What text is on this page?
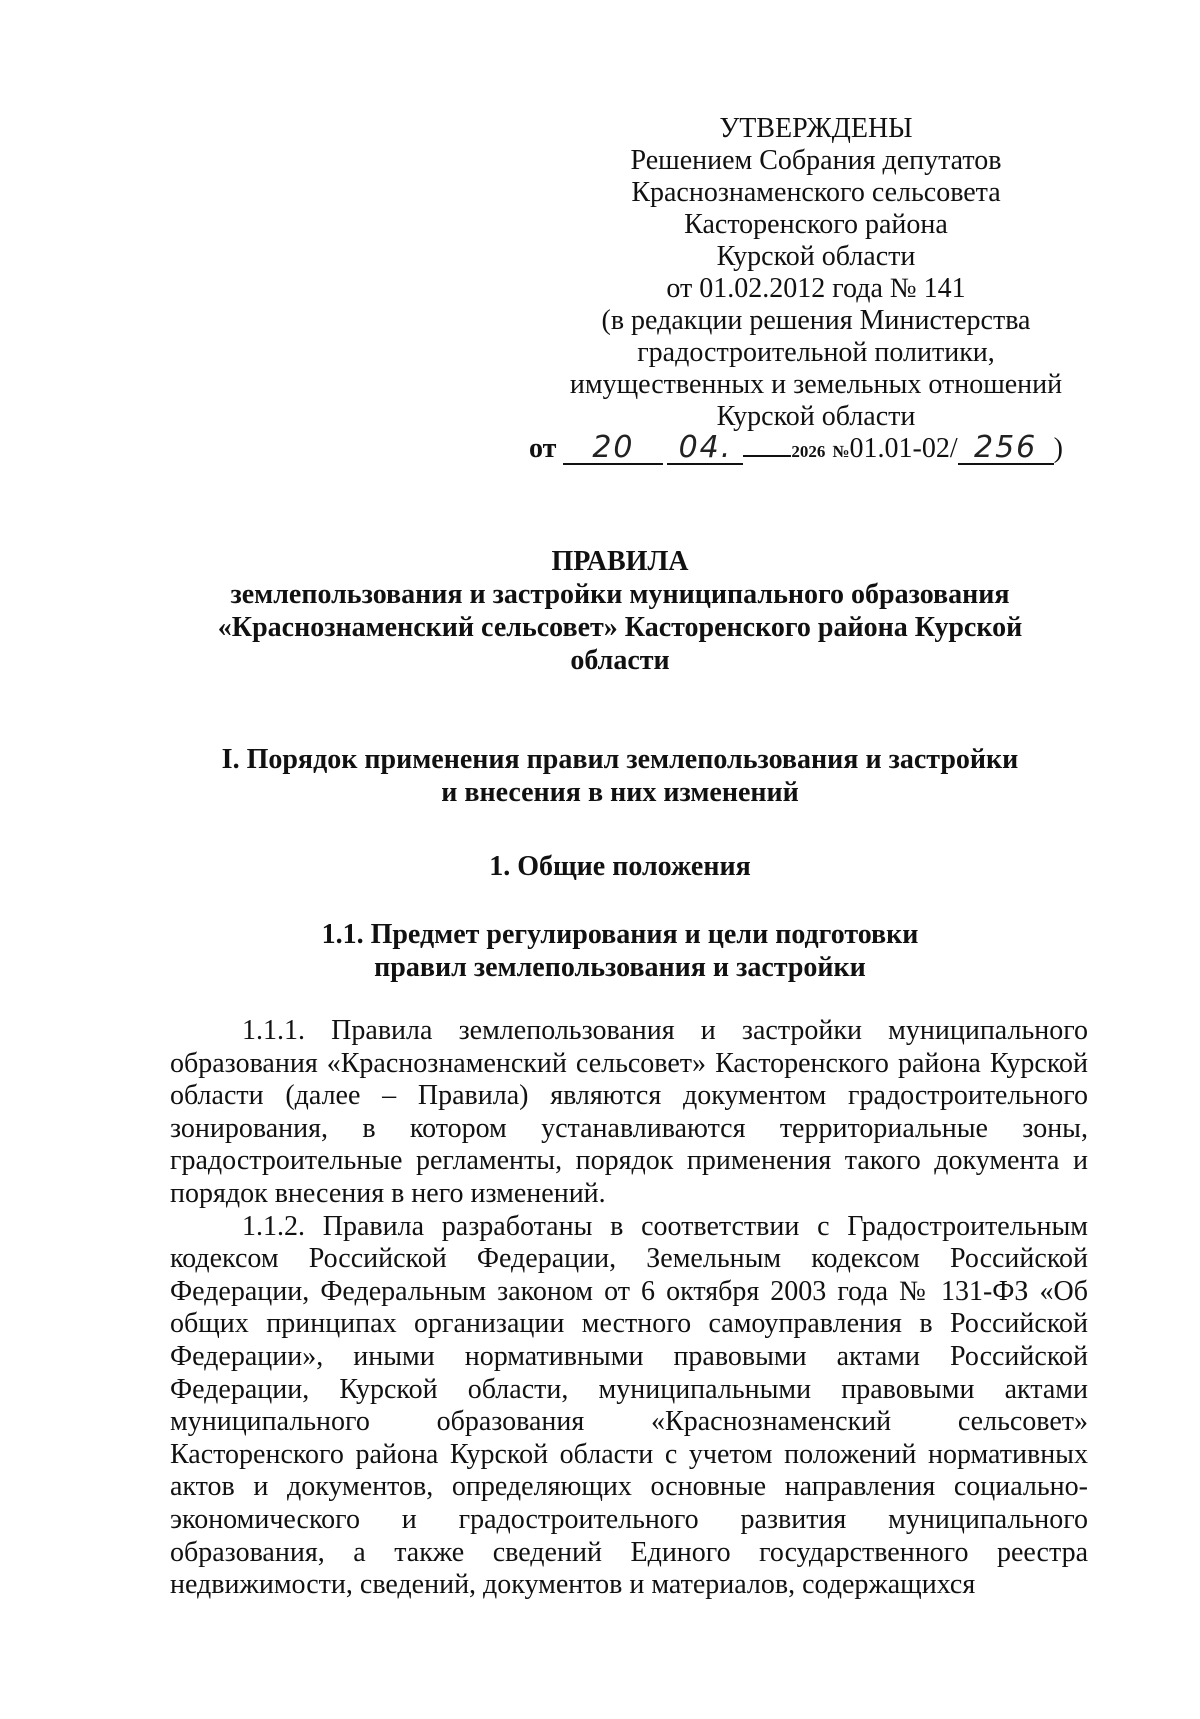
УТВЕРЖДЕНЫ
Решением Собрания депутатов
Краснознаменского сельсовета
Касторенского района
Курской области
от 01.02.2012 года № 141
(в редакции решения Министерства
градостроительной политики,
имущественных и земельных отношений
Курской области
от 20 04.	2026 №01.01-02/ 256 )
ПРАВИЛА
землепользования и застройки муниципального образования
«Краснознаменский сельсовет» Касторенского района Курской
области
I. Порядок применения правил землепользования и застройки
и внесения в них изменений
1. Общие положения
1.1. Предмет регулирования и цели подготовки
правил землепользования и застройки

1.1.1. Правила землепользования и застройки муниципального образования «Краснознаменский сельсовет» Касторенского района Курской области (далее – Правила) являются документом градостроительного зонирования, в котором устанавливаются территориальные зоны, градостроительные регламенты, порядок применения такого документа и порядок внесения в него изменений.

1.1.2. Правила разработаны в соответствии с Градостроительным кодексом Российской Федерации, Земельным кодексом Российской Федерации, Федеральным законом от 6 октября 2003 года № 131-ФЗ «Об общих принципах организации местного самоуправления в Российской Федерации», иными нормативными правовыми актами Российской Федерации, Курской области, муниципальными правовыми актами муниципального образования «Краснознаменский сельсовет» Касторенского района Курской области с учетом положений нормативных актов и документов, определяющих основные направления социально-экономического и градостроительного развития муниципального образования, а также сведений Единого государственного реестра недвижимости, сведений, документов и материалов, содержащихся
